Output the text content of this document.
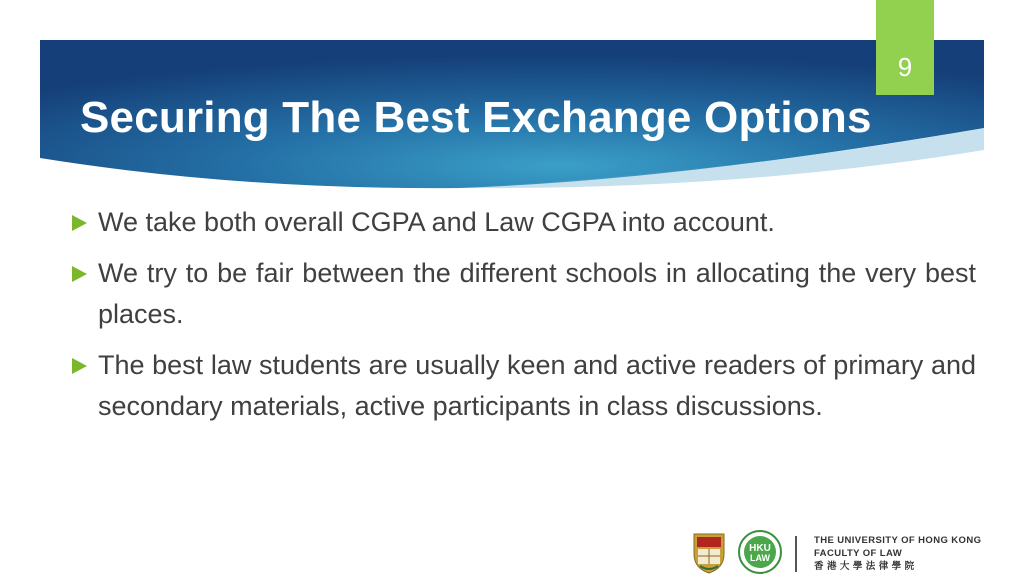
Securing The Best Exchange Options
9
We take both overall CGPA and Law CGPA into account.
We try to be fair between the different schools in allocating the very best places.
The best law students are usually keen and active readers of primary and secondary materials, active participants in class discussions.
HKU
LAW
THE UNIVERSITY OF HONG KONG
FACULTY OF LAW
香 港 大 學 法 律 學 院
